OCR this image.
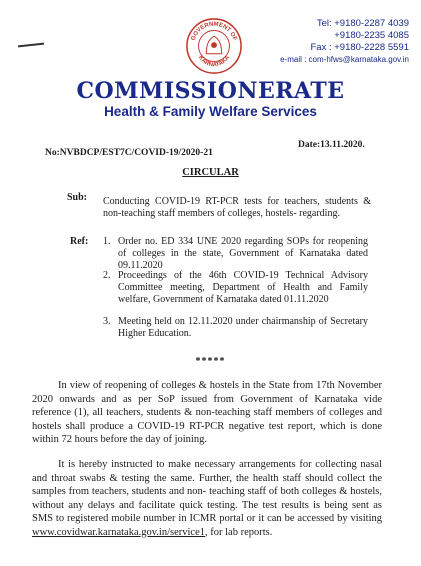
Tel: +9180-2287 4039
+9180-2235 4085
Fax : +9180-2228 5591
e-mail : com-hfws@karnataka.gov.in
GOVERNMENT OF
KARNATAKA
COMMISSIONERATE
Health & Family Welfare Services
No:NVBDCP/EST7C/COVID-19/2020-21
Date:13.11.2020.
CIRCULAR
Sub: Conducting COVID-19 RT-PCR tests for teachers, students & non-teaching staff members of colleges, hostels- regarding.
Ref: 1. Order no. ED 334 UNE 2020 regarding SOPs for reopening of colleges in the state, Government of Karnataka dated 09.11.2020
2. Proceedings of the 46th COVID-19 Technical Advisory Committee meeting, Department of Health and Family welfare, Government of Karnataka dated 01.11.2020
3. Meeting held on 12.11.2020 under chairmanship of Secretary Higher Education.
*****
In view of reopening of colleges & hostels in the State from 17th November 2020 onwards and as per SoP issued from Government of Karnataka vide reference (1), all teachers, students & non-teaching staff members of colleges and hostels shall produce a COVID-19 RT-PCR negative test report, which is done within 72 hours before the day of joining.
It is hereby instructed to make necessary arrangements for collecting nasal and throat swabs & testing the same. Further, the health staff should collect the samples from teachers, students and non- teaching staff of both colleges & hostels, without any delays and facilitate quick testing. The test results is being sent as SMS to registered mobile number in ICMR portal or it can be accessed by visiting www.covidwar.karnataka.gov.in/service1, for lab reports.
